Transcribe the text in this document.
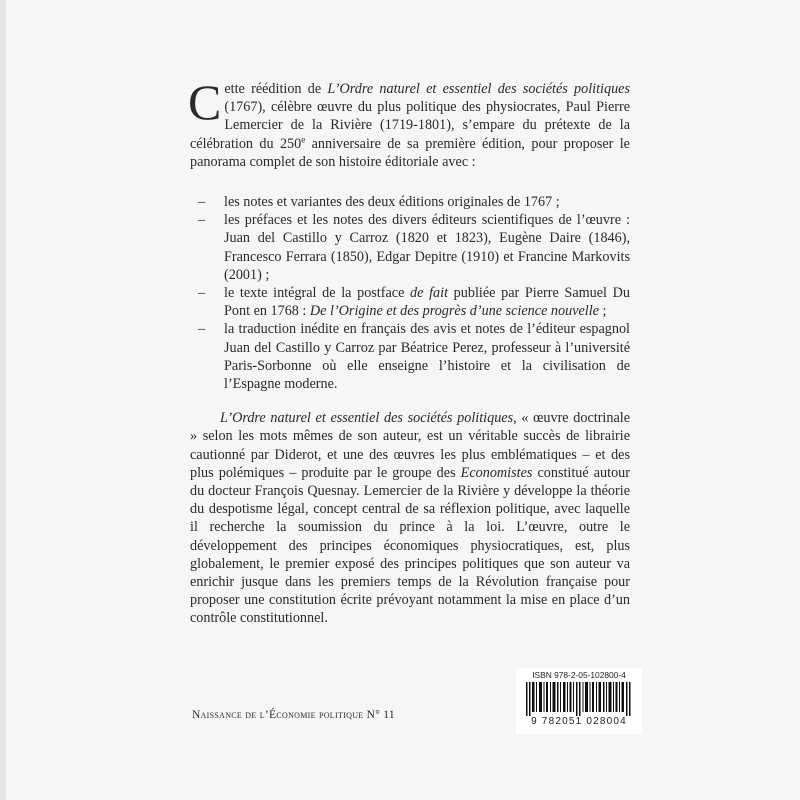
Cette réédition de L’Ordre naturel et essentiel des sociétés politiques (1767), célèbre œuvre du plus politique des physiocrates, Paul Pierre Lemercier de la Rivière (1719-1801), s’empare du prétexte de la célébration du 250e anniversaire de sa première édition, pour proposer le panorama complet de son histoire éditoriale avec :

– les notes et variantes des deux éditions originales de 1767 ;
– les préfaces et les notes des divers éditeurs scientifiques de l’œuvre : Juan del Castillo y Carroz (1820 et 1823), Eugène Daire (1846), Francesco Ferrara (1850), Edgar Depitre (1910) et Francine Markovits (2001) ;
– le texte intégral de la postface de fait publiée par Pierre Samuel Du Pont en 1768 : De l’Origine et des progrès d’une science nouvelle ;
– la traduction inédite en français des avis et notes de l’éditeur espagnol Juan del Castillo y Carroz par Béatrice Perez, professeur à l’université Paris-Sorbonne où elle enseigne l’histoire et la civilisation de l’Espagne moderne.

L’Ordre naturel et essentiel des sociétés politiques, « œuvre doctrinale » selon les mots mêmes de son auteur, est un véritable succès de librairie cautionné par Diderot, et une des œuvres les plus emblématiques – et des plus polémiques – produite par le groupe des Economistes constitué autour du docteur François Quesnay. Lemercier de la Rivière y développe la théorie du despotisme légal, concept central de sa réflexion politique, avec laquelle il recherche la soumission du prince à la loi. L’œuvre, outre le développement des principes économiques physiocratiques, est, plus globalement, le premier exposé des principes politiques que son auteur va enrichir jusque dans les premiers temps de la Révolution française pour proposer une constitution écrite prévoyant notamment la mise en place d’un contrôle constitutionnel.

Naissance de l’Économie politique N° 11
ISBN 978-2-05-102800-4
9 782051 028004
